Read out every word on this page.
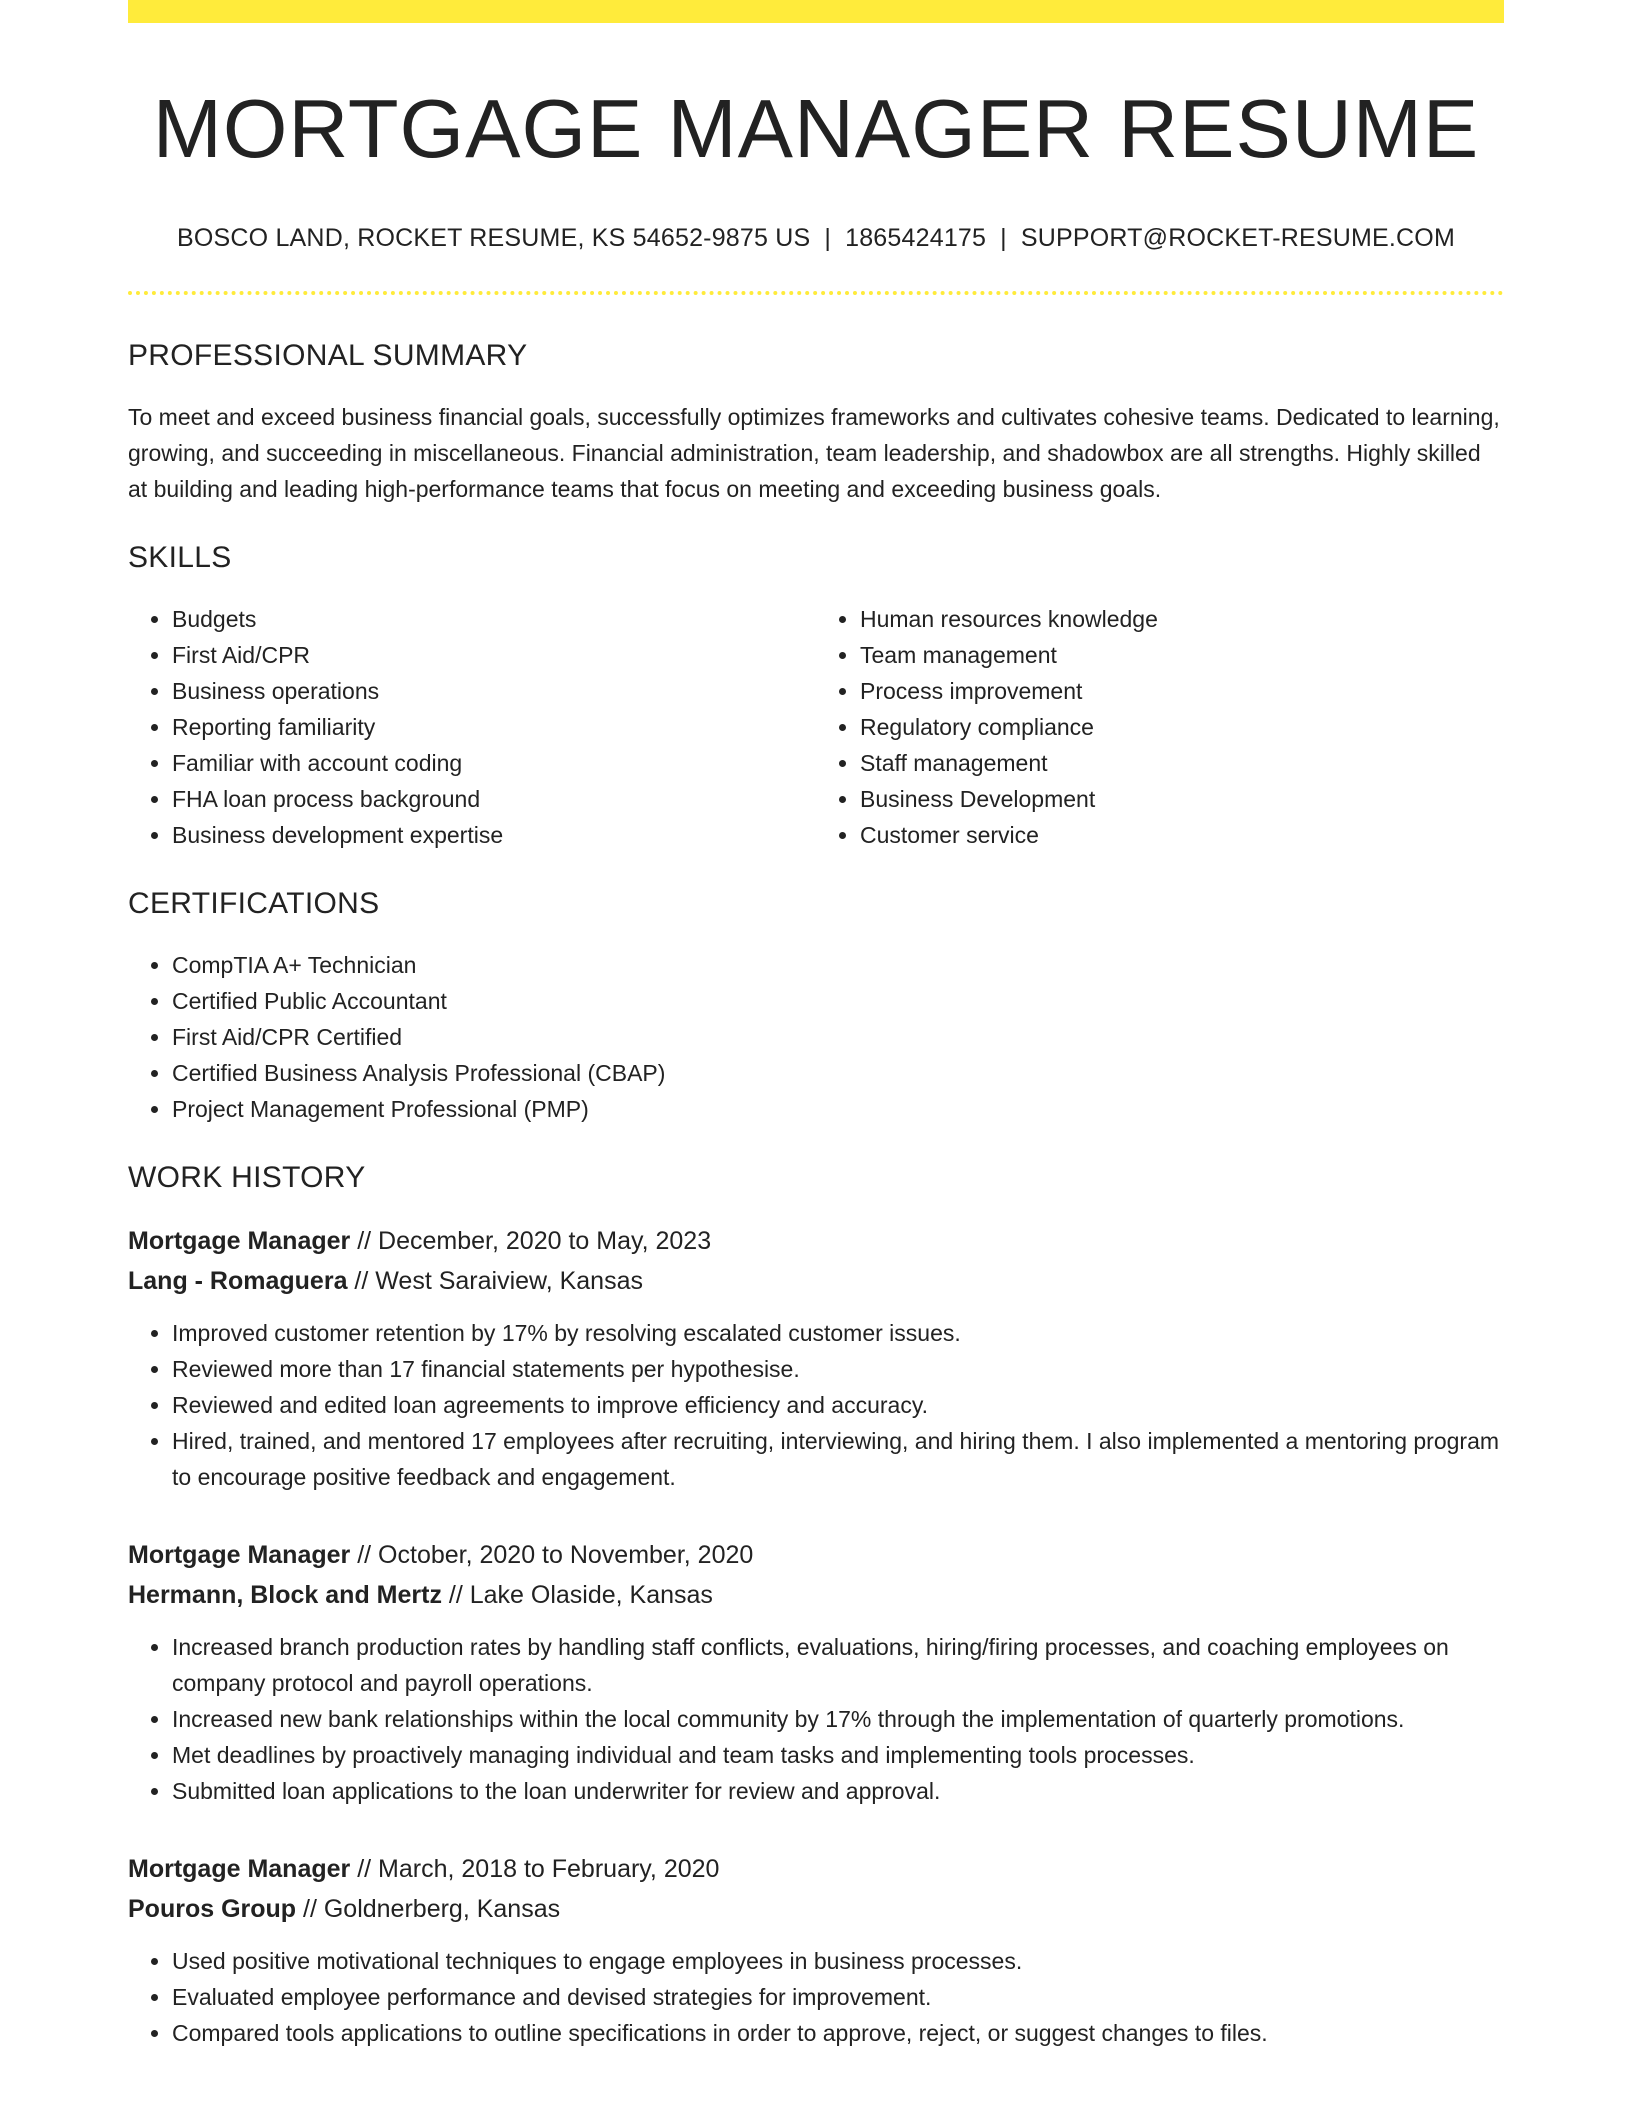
MORTGAGE MANAGER RESUME
BOSCO LAND, ROCKET RESUME, KS 54652-9875 US | 1865424175 | SUPPORT@ROCKET-RESUME.COM
PROFESSIONAL SUMMARY
To meet and exceed business financial goals, successfully optimizes frameworks and cultivates cohesive teams. Dedicated to learning, growing, and succeeding in miscellaneous. Financial administration, team leadership, and shadowbox are all strengths. Highly skilled at building and leading high-performance teams that focus on meeting and exceeding business goals.
SKILLS
• Budgets
• First Aid/CPR
• Business operations
• Reporting familiarity
• Familiar with account coding
• FHA loan process background
• Business development expertise
• Human resources knowledge
• Team management
• Process improvement
• Regulatory compliance
• Staff management
• Business Development
• Customer service
CERTIFICATIONS
• CompTIA A+ Technician
• Certified Public Accountant
• First Aid/CPR Certified
• Certified Business Analysis Professional (CBAP)
• Project Management Professional (PMP)
WORK HISTORY
Mortgage Manager // December, 2020 to May, 2023
Lang - Romaguera // West Saraiview, Kansas
• Improved customer retention by 17% by resolving escalated customer issues.
• Reviewed more than 17 financial statements per hypothesise.
• Reviewed and edited loan agreements to improve efficiency and accuracy.
• Hired, trained, and mentored 17 employees after recruiting, interviewing, and hiring them. I also implemented a mentoring program to encourage positive feedback and engagement.
Mortgage Manager // October, 2020 to November, 2020
Hermann, Block and Mertz // Lake Olaside, Kansas
• Increased branch production rates by handling staff conflicts, evaluations, hiring/firing processes, and coaching employees on company protocol and payroll operations.
• Increased new bank relationships within the local community by 17% through the implementation of quarterly promotions.
• Met deadlines by proactively managing individual and team tasks and implementing tools processes.
• Submitted loan applications to the loan underwriter for review and approval.
Mortgage Manager // March, 2018 to February, 2020
Pouros Group // Goldnerberg, Kansas
• Used positive motivational techniques to engage employees in business processes.
• Evaluated employee performance and devised strategies for improvement.
• Compared tools applications to outline specifications in order to approve, reject, or suggest changes to files.
